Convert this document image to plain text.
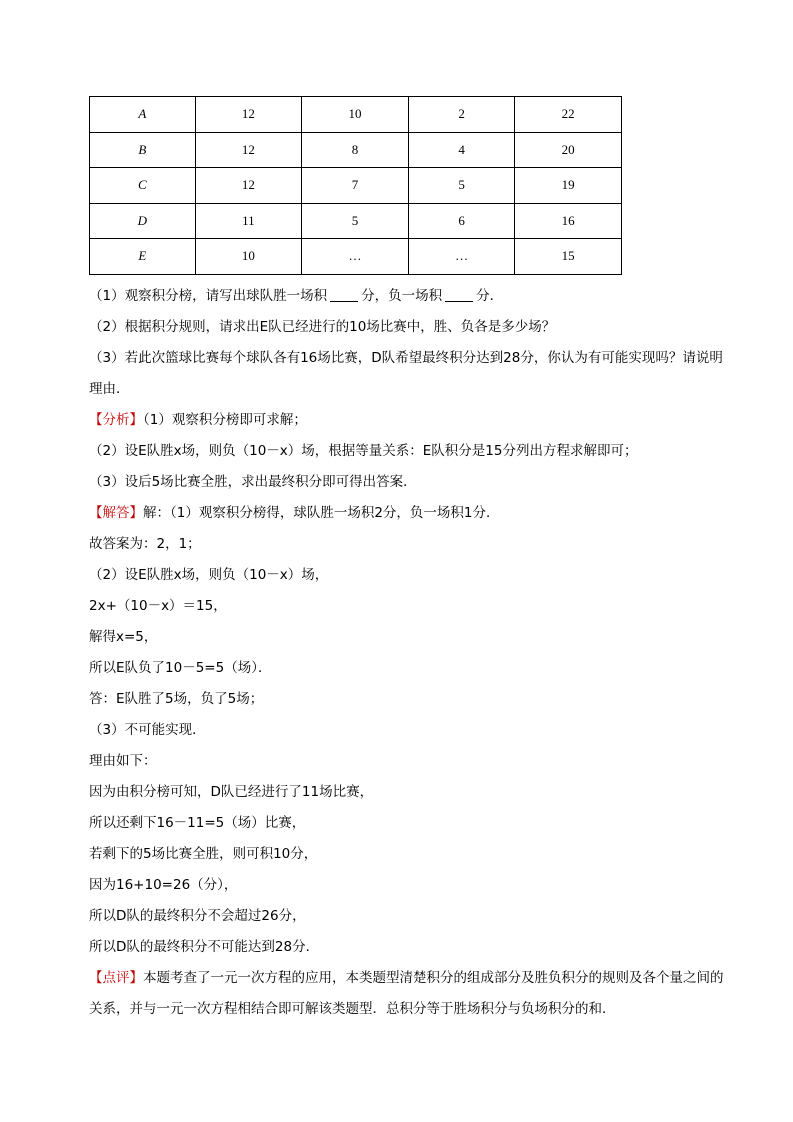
A	12	10	2	22
B	12	8	4	20
C	12	7	5	19
D	11	5	6	16
E	10	…	…	15
（1）观察积分榜，请写出球队胜一场积	分，负一场积	分．
（2）根据积分规则，请求出E队已经进行的10场比赛中，胜、负各是多少场？
（3）若此次篮球比赛每个球队各有16场比赛，D队希望最终积分达到28分，你认为有可能实现吗？请说明理由．
【分析】（1）观察积分榜即可求解；
（2）设E队胜x场，则负（10－x）场，根据等量关系：E队积分是15分列出方程求解即可；
（3）设后5场比赛全胜，求出最终积分即可得出答案．
【解答】解：（1）观察积分榜得，球队胜一场积2分，负一场积1分．
故答案为：2，1；
（2）设E队胜x场，则负（10－x）场，
2x+（10－x）＝15，
解得x=5，
所以E队负了10－5=5（场）．
答：E队胜了5场，负了5场；
（3）不可能实现．
理由如下：
因为由积分榜可知，D队已经进行了11场比赛，
所以还剩下16－11=5（场）比赛，
若剩下的5场比赛全胜，则可积10分，
因为16+10=26（分），
所以D队的最终积分不会超过26分，
所以D队的最终积分不可能达到28分．
【点评】本题考查了一元一次方程的应用，本类题型清楚积分的组成部分及胜负积分的规则及各个量之间的关系，并与一元一次方程相结合即可解该类题型．总积分等于胜场积分与负场积分的和．
